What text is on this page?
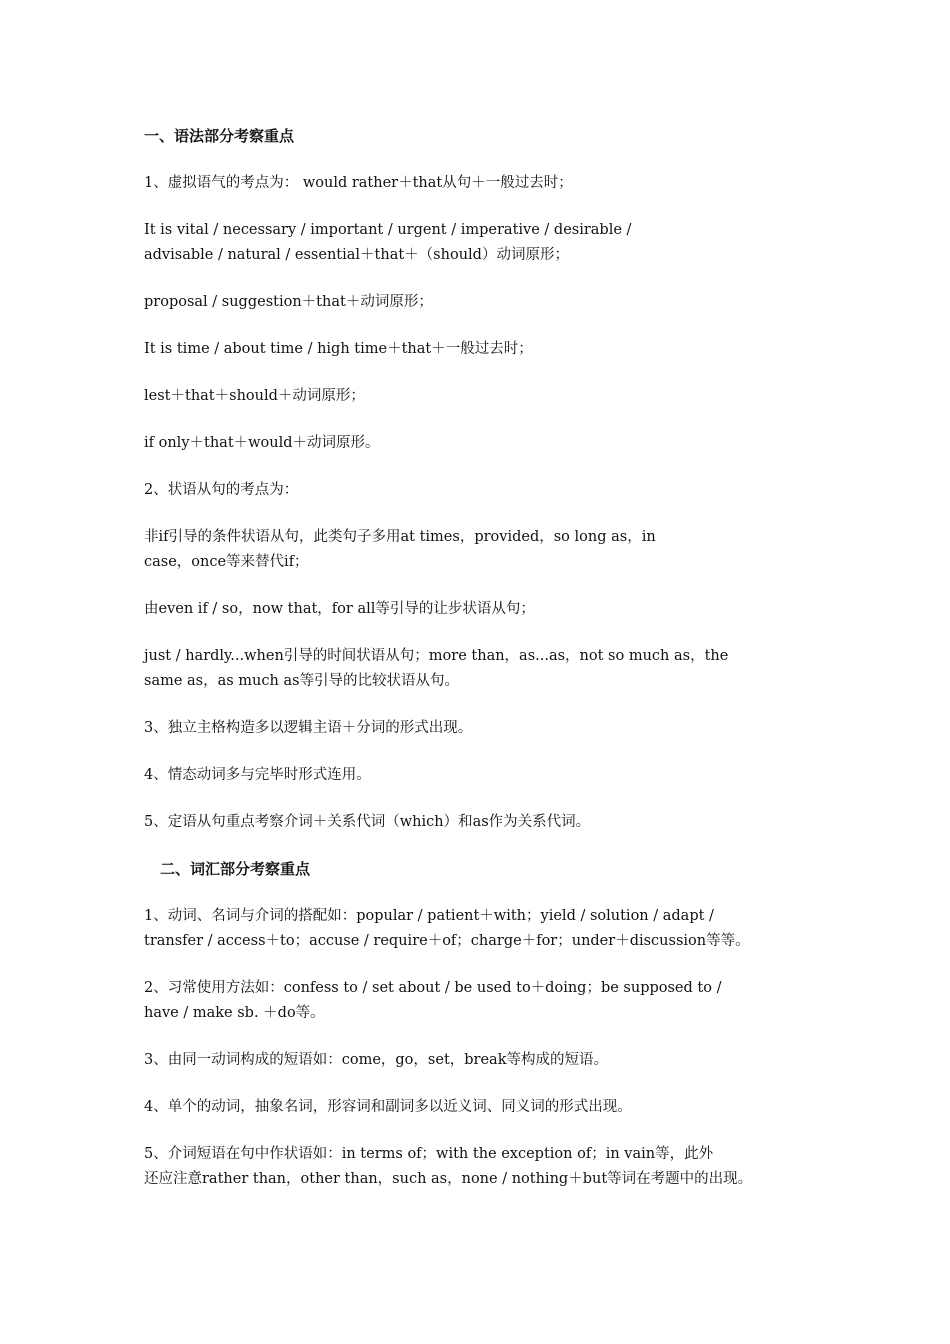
一、语法部分考察重点
1、虚拟语气的考点为： would rather＋that从句＋一般过去时；
It is vital / necessary / important / urgent / imperative / desirable /
advisable / natural / essential＋that＋（should）动词原形；
proposal / suggestion＋that＋动词原形；
It is time / about time / high time＋that＋一般过去时；
lest＋that＋should＋动词原形；
if only＋that＋would＋动词原形。
2、状语从句的考点为：
非if引导的条件状语从句，此类句子多用at times，provided，so long as，in
case，once等来替代if；
由even if / so，now that，for all等引导的让步状语从句；
just / hardly...when引导的时间状语从句；more than，as...as，not so much as，the
same as，as much as等引导的比较状语从句。
3、独立主格构造多以逻辑主语＋分词的形式出现。
4、情态动词多与完毕时形式连用。
5、定语从句重点考察介词＋关系代词（which）和as作为关系代词。
二、词汇部分考察重点
1、动词、名词与介词的搭配如：popular / patient＋with；yield / solution / adapt /
transfer / access＋to；accuse / require＋of；charge＋for；under＋discussion等等。
2、习常使用方法如：confess to / set about / be used to＋doing；be supposed to /
have / make sb. ＋do等。
3、由同一动词构成的短语如：come，go，set，break等构成的短语。
4、单个的动词，抽象名词，形容词和副词多以近义词、同义词的形式出现。
5、介词短语在句中作状语如：in terms of；with the exception of；in vain等，此外
还应注意rather than，other than，such as，none / nothing＋but等词在考题中的出现。
